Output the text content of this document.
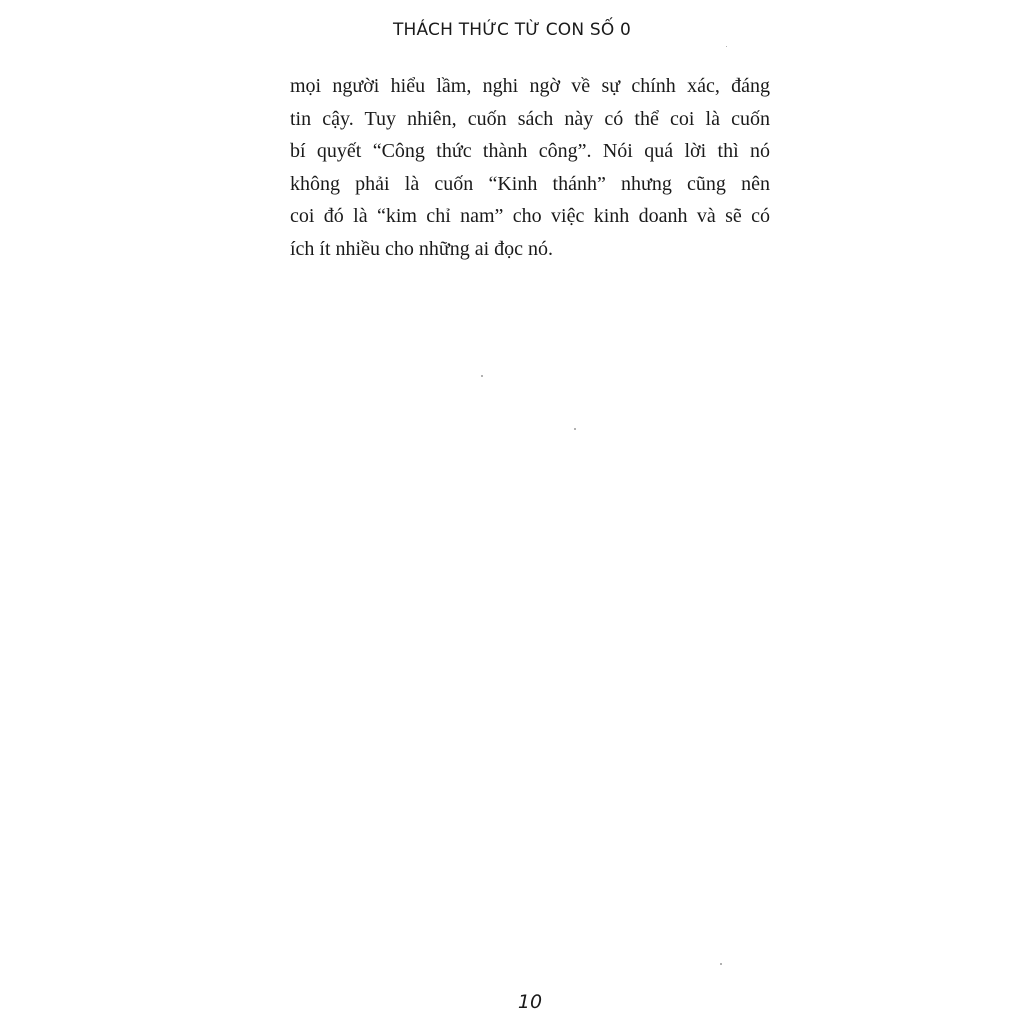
THÁCH THỨC TỪ CON SỐ 0
mọi người hiểu lầm, nghi ngờ về sự chính xác, đáng
tin cậy. Tuy nhiên, cuốn sách này có thể coi là cuốn
bí quyết “Công thức thành công”. Nói quá lời thì nó
không phải là cuốn “Kinh thánh” nhưng cũng nên
coi đó là “kim chỉ nam” cho việc kinh doanh và sẽ có
ích ít nhiều cho những ai đọc nó.
10
